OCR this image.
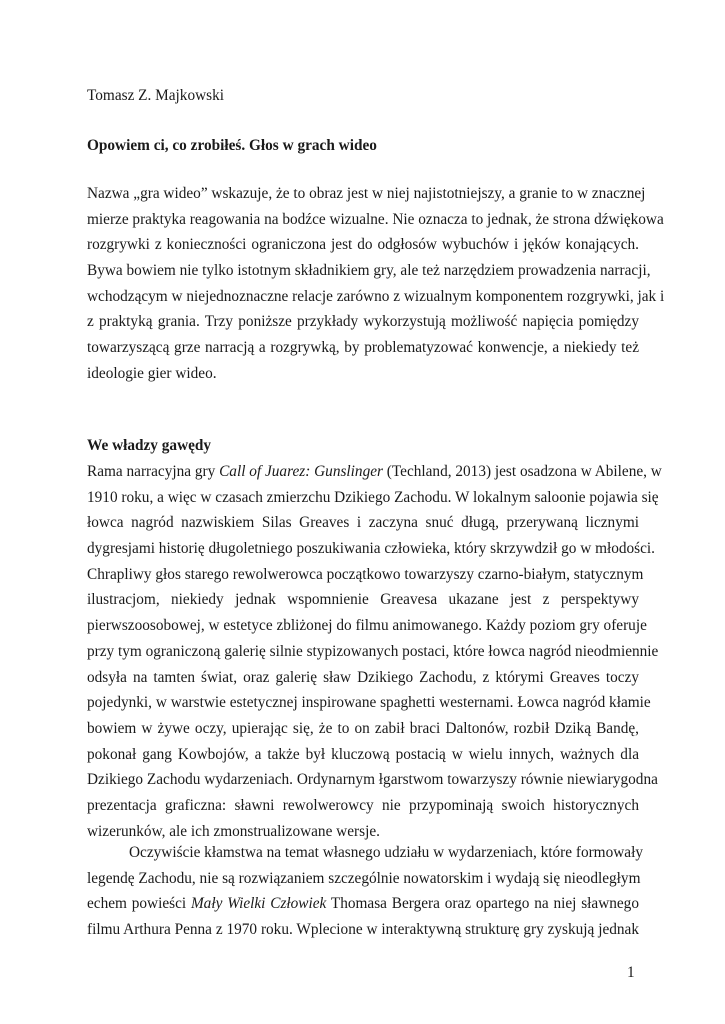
Tomasz Z. Majkowski

Opowiem ci, co zrobiłeś. Głos w grach wideo

Nazwa „gra wideo” wskazuje, że to obraz jest w niej najistotniejszy, a granie to w znacznej
mierze praktyka reagowania na bodźce wizualne. Nie oznacza to jednak, że strona dźwiękowa
rozgrywki z konieczności ograniczona jest do odgłosów wybuchów i jęków konających.
Bywa bowiem nie tylko istotnym składnikiem gry, ale też narzędziem prowadzenia narracji,
wchodzącym w niejednoznaczne relacje zarówno z wizualnym komponentem rozgrywki, jak i
z praktyką grania. Trzy poniższe przykłady wykorzystują możliwość napięcia pomiędzy
towarzyszącą grze narracją a rozgrywką, by problematyzować konwencje, a niekiedy też
ideologie gier wideo.

We władzy gawędy

Rama narracyjna gry Call of Juarez: Gunslinger (Techland, 2013) jest osadzona w Abilene, w
1910 roku, a więc w czasach zmierzchu Dzikiego Zachodu. W lokalnym saloonie pojawia się
łowca nagród nazwiskiem Silas Greaves i zaczyna snuć długą, przerywaną licznymi
dygresjami historię długoletniego poszukiwania człowieka, który skrzywdził go w młodości.
Chrapliwy głos starego rewolwerowca początkowo towarzyszy czarno-białym, statycznym
ilustracjom, niekiedy jednak wspomnienie Greavesa ukazane jest z perspektywy
pierwszoosobowej, w estetyce zbliżonej do filmu animowanego. Każdy poziom gry oferuje
przy tym ograniczoną galerię silnie stypizowanych postaci, które łowca nagród nieodmiennie
odsyła na tamten świat, oraz galerię sław Dzikiego Zachodu, z którymi Greaves toczy
pojedynki, w warstwie estetycznej inspirowane spaghetti westernami. Łowca nagród kłamie
bowiem w żywe oczy, upierając się, że to on zabił braci Daltonów, rozbił Dziką Bandę,
pokonał gang Kowbojów, a także był kluczową postacią w wielu innych, ważnych dla
Dzikiego Zachodu wydarzeniach. Ordynarnym łgarstwom towarzyszy równie niewiarygodna
prezentacja graficzna: sławni rewolwerowcy nie przypominają swoich historycznych
wizerunków, ale ich zmonstrualizowane wersje.
Oczywiście kłamstwa na temat własnego udziału w wydarzeniach, które formowały
legendę Zachodu, nie są rozwiązaniem szczególnie nowatorskim i wydają się nieodległym
echem powieści Mały Wielki Człowiek Thomasa Bergera oraz opartego na niej sławnego
filmu Arthura Penna z 1970 roku. Wplecione w interaktywną strukturę gry zyskują jednak

1
